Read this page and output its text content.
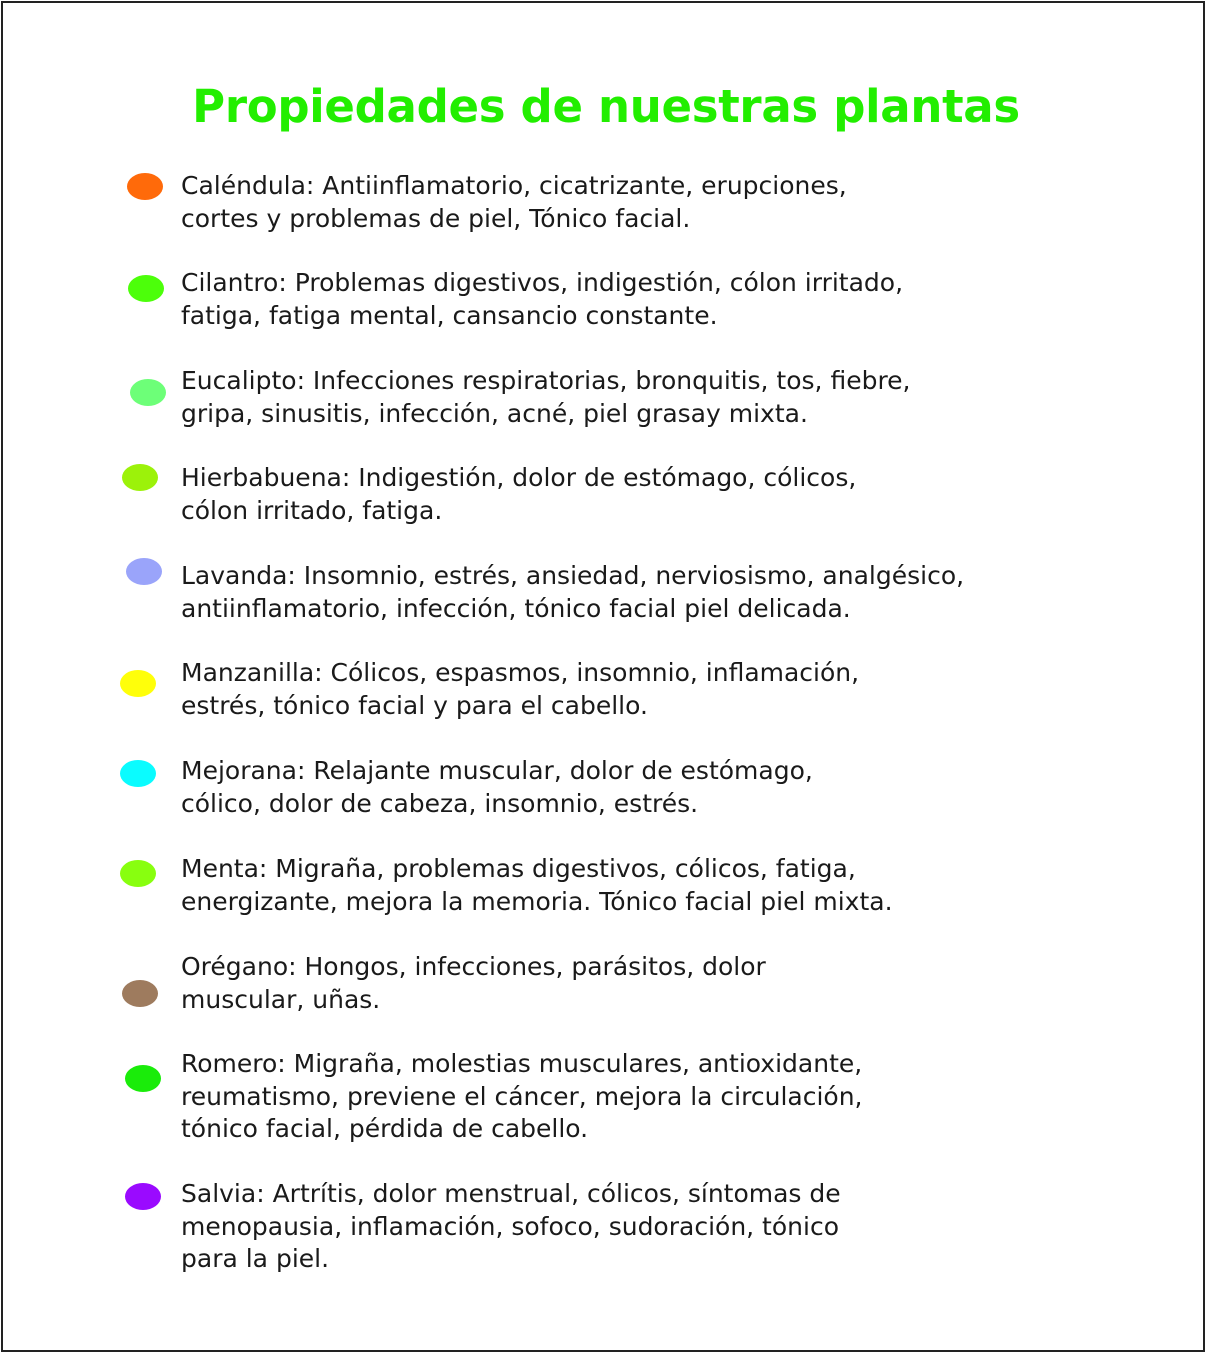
Propiedades de nuestras plantas

Caléndula: Antiinflamatorio, cicatrizante, erupciones,
cortes y problemas de piel, Tónico facial.

Cilantro: Problemas digestivos, indigestión, cólon irritado,
fatiga, fatiga mental, cansancio constante.

Eucalipto: Infecciones respiratorias, bronquitis, tos, fiebre,
gripa, sinusitis, infección, acné, piel grasay mixta.

Hierbabuena: Indigestión, dolor de estómago, cólicos,
cólon irritado, fatiga.

Lavanda: Insomnio, estrés, ansiedad, nerviosismo, analgésico,
antiinflamatorio, infección, tónico facial piel delicada.

Manzanilla: Cólicos, espasmos, insomnio, inflamación,
estrés, tónico facial y para el cabello.

Mejorana: Relajante muscular, dolor de estómago,
cólico, dolor de cabeza, insomnio, estrés.

Menta: Migraña, problemas digestivos, cólicos, fatiga,
energizante, mejora la memoria. Tónico facial piel mixta.

Orégano: Hongos, infecciones, parásitos, dolor
muscular, uñas.

Romero: Migraña, molestias musculares, antioxidante,
reumatismo, previene el cáncer, mejora la circulación,
tónico facial, pérdida de cabello.

Salvia: Artrítis, dolor menstrual, cólicos, síntomas de
menopausia, inflamación, sofoco, sudoración, tónico
para la piel.
